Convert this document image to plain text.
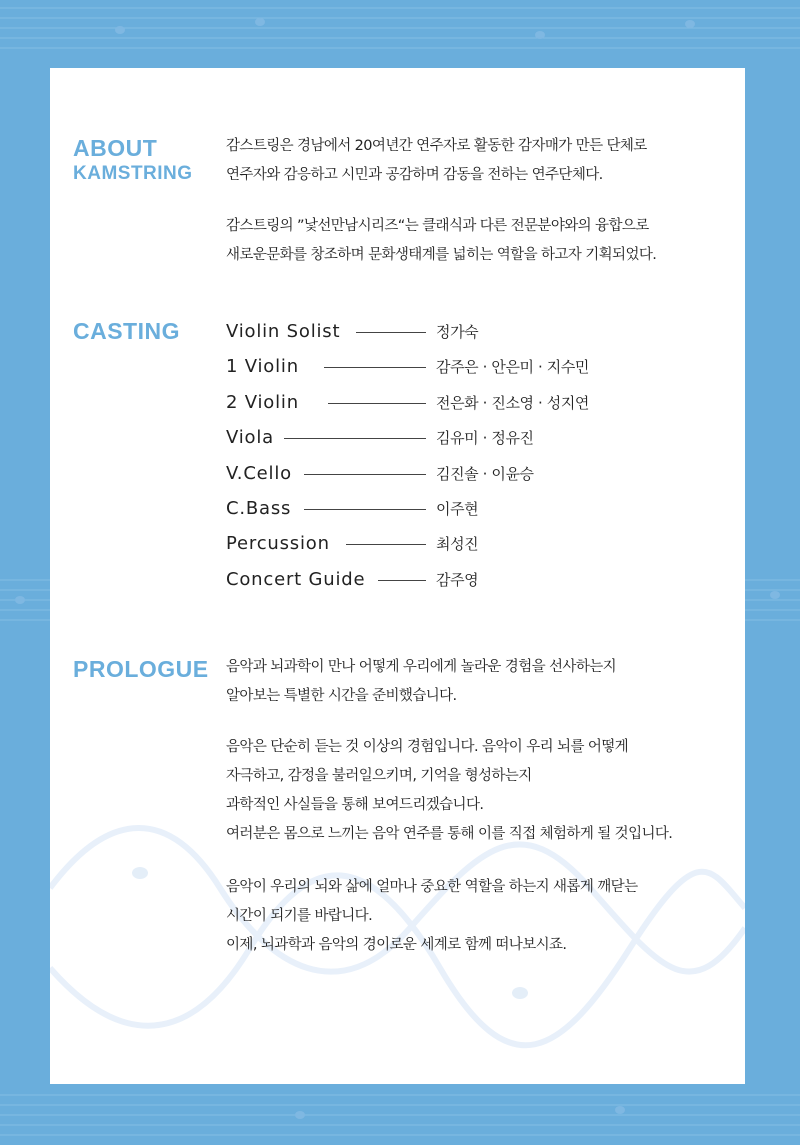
ABOUT
KAMSTRING
감스트링은 경남에서 20여년간 연주자로 활동한 감자매가 만든 단체로
연주자와 감응하고 시민과 공감하며 감동을 전하는 연주단체다.
감스트링의 ”낯선만남시리즈“는 클래식과 다른 전문분야와의 융합으로
새로운문화를 창조하며 문화생태계를 넓히는 역할을 하고자 기획되었다.
CASTING	Violin Solist	정가숙
1 Violin	감주은 · 안은미 · 지수민
2 Violin	전은화 · 진소영 · 성지연
Viola	김유미 · 정유진
V.Cello	김진솔 · 이윤승
C.Bass	이주현
Percussion	최성진
Concert Guide	감주영
PROLOGUE 음악과 뇌과학이 만나 어떻게 우리에게 놀라운 경험을 선사하는지
알아보는 특별한 시간을 준비했습니다.
음악은 단순히 듣는 것 이상의 경험입니다. 음악이 우리 뇌를 어떻게
자극하고, 감정을 불러일으키며, 기억을 형성하는지
과학적인 사실들을 통해 보여드리겠습니다.
여러분은 몸으로 느끼는 음악 연주를 통해 이를 직접 체험하게 될 것입니다.
음악이 우리의 뇌와 삶에 얼마나 중요한 역할을 하는지 새롭게 깨닫는
시간이 되기를 바랍니다.
이제, 뇌과학과 음악의 경이로운 세계로 함께 떠나보시죠.
